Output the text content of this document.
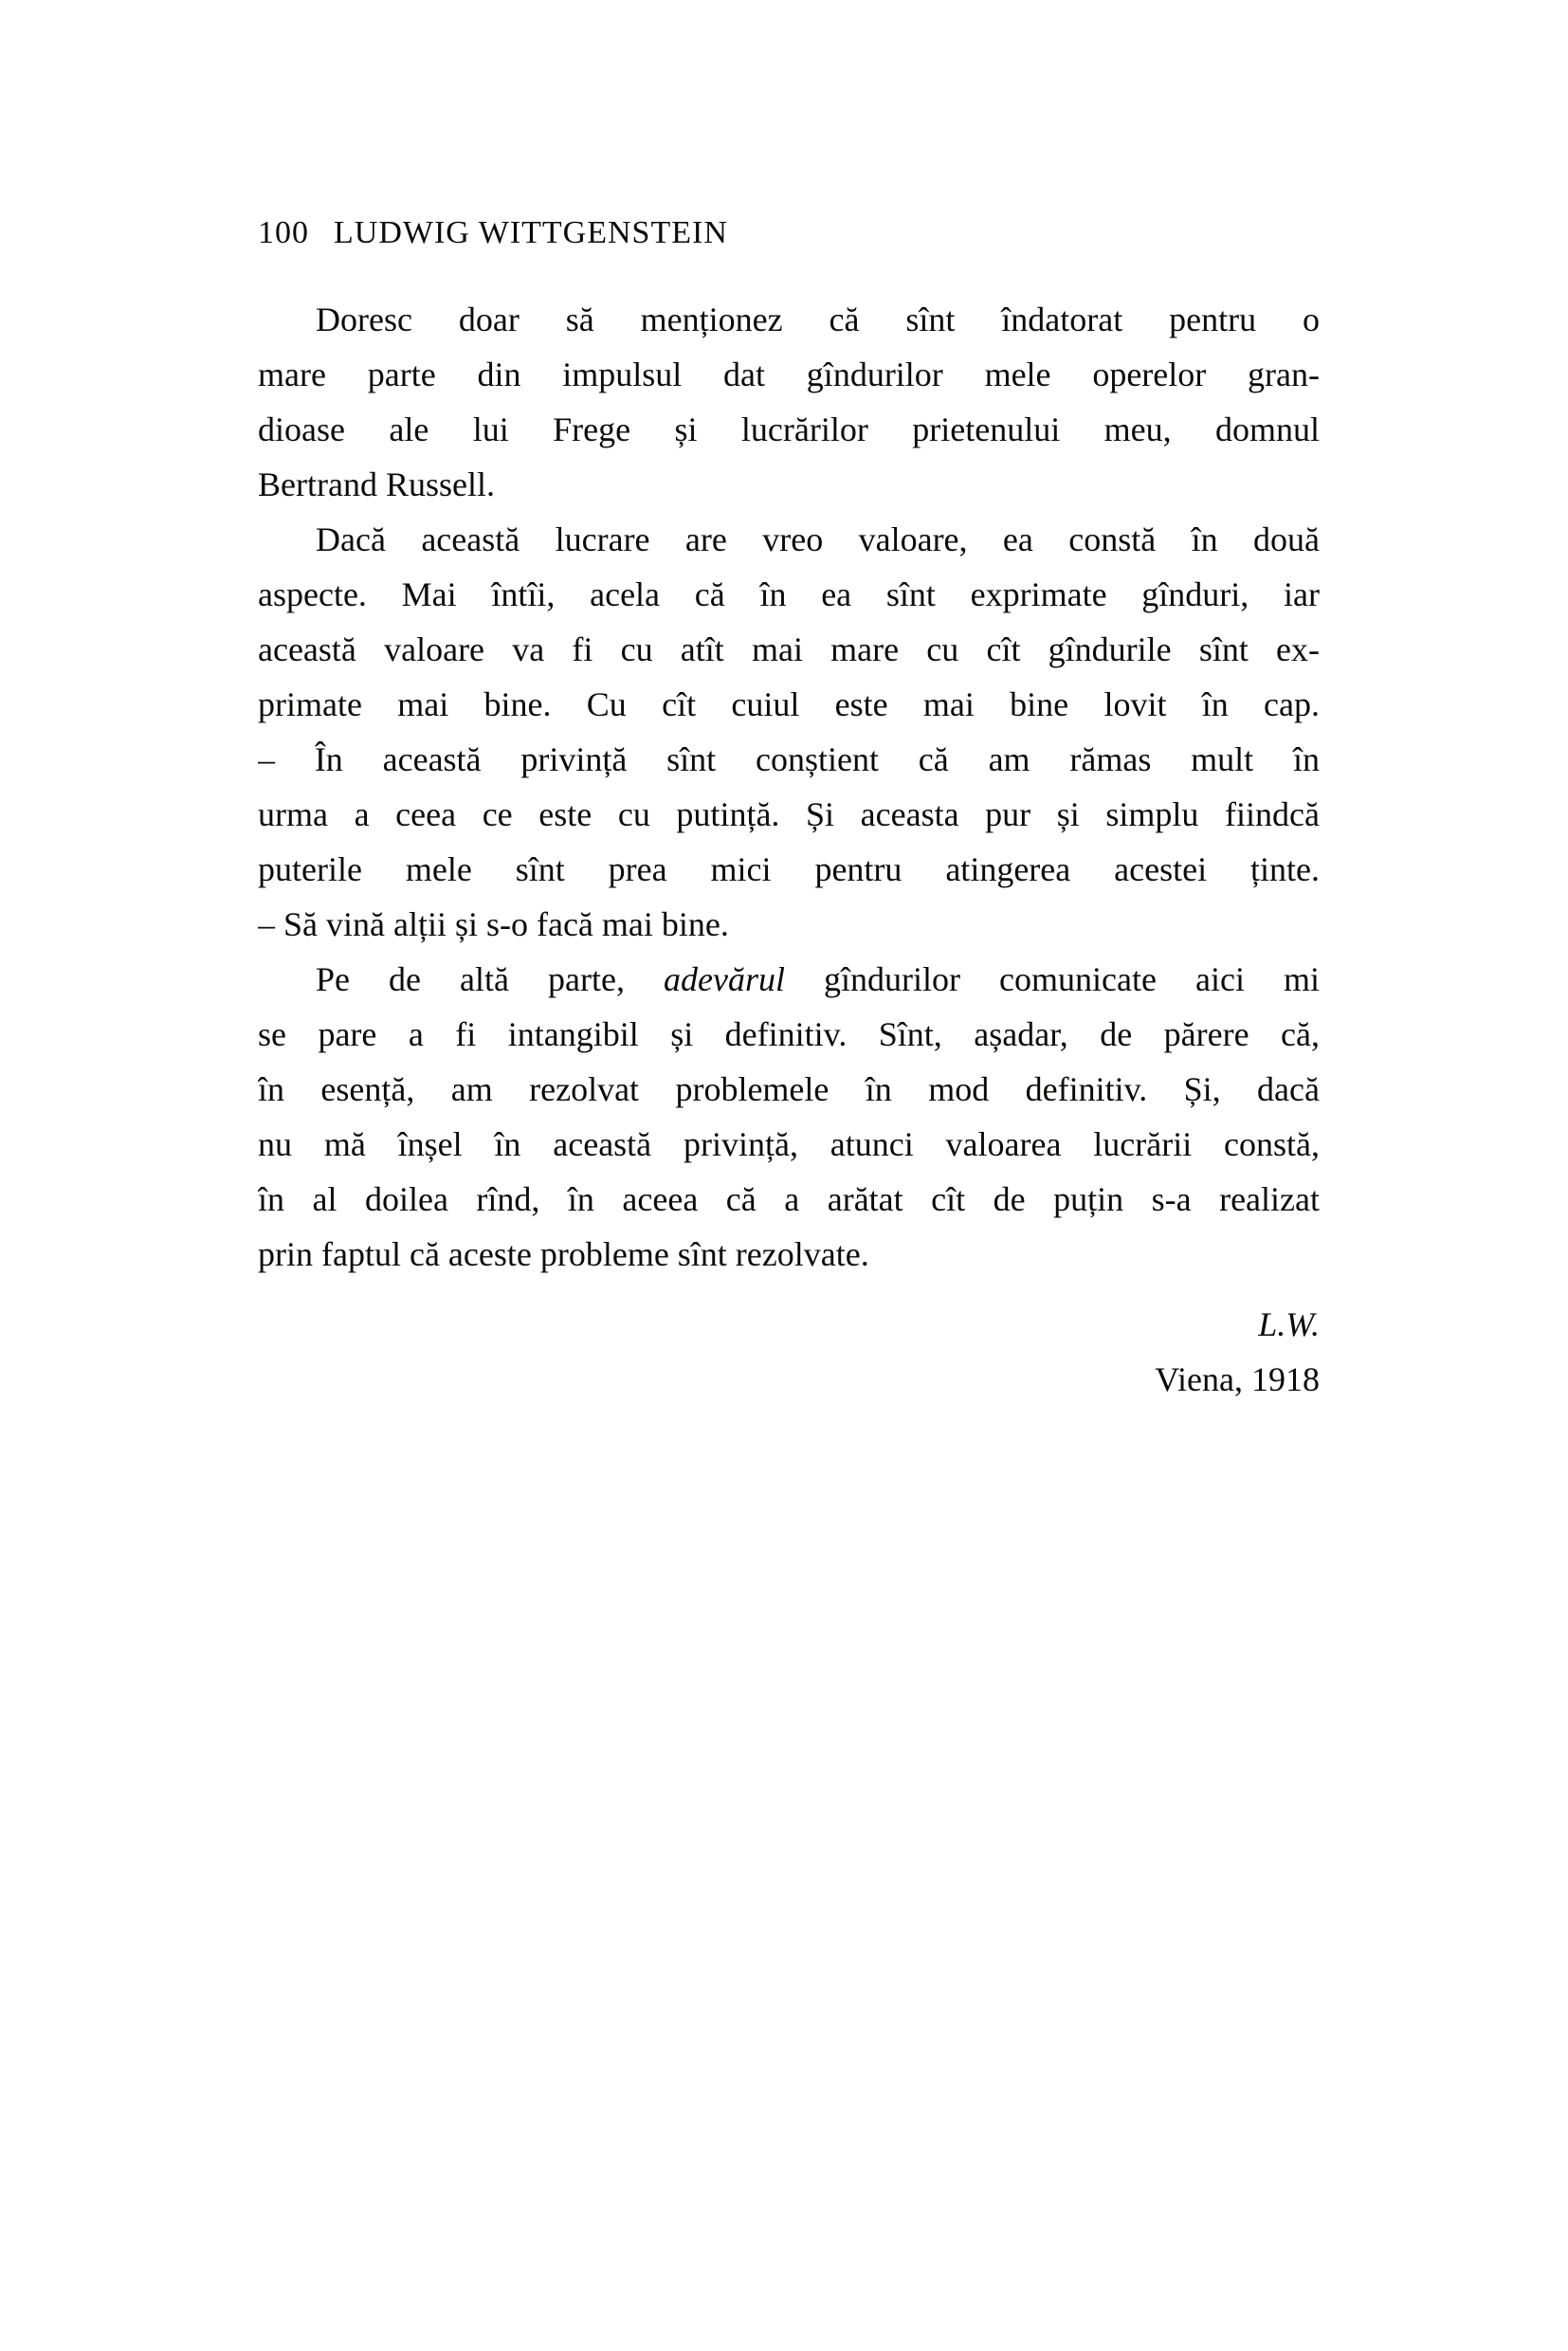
100 LUDWIG WITTGENSTEIN
Doresc doar să menționez că sînt îndatorat pentru o
mare parte din impulsul dat gîndurilor mele operelor gran-
dioase ale lui Frege și lucrărilor prietenului meu, domnul
Bertrand Russell.
Dacă această lucrare are vreo valoare, ea constă în două
aspecte. Mai întîi, acela că în ea sînt exprimate gînduri, iar
această valoare va fi cu atît mai mare cu cît gîndurile sînt ex-
primate mai bine. Cu cît cuiul este mai bine lovit în cap.
– În această privință sînt conștient că am rămas mult în
urma a ceea ce este cu putință. Și aceasta pur și simplu fiindcă
puterile mele sînt prea mici pentru atingerea acestei ținte.
– Să vină alții și s-o facă mai bine.
Pe de altă parte, adevărul gîndurilor comunicate aici mi
se pare a fi intangibil și definitiv. Sînt, așadar, de părere că,
în esență, am rezolvat problemele în mod definitiv. Și, dacă
nu mă înșel în această privință, atunci valoarea lucrării constă,
în al doilea rînd, în aceea că a arătat cît de puțin s-a realizat
prin faptul că aceste probleme sînt rezolvate.
L.W.
Viena, 1918
